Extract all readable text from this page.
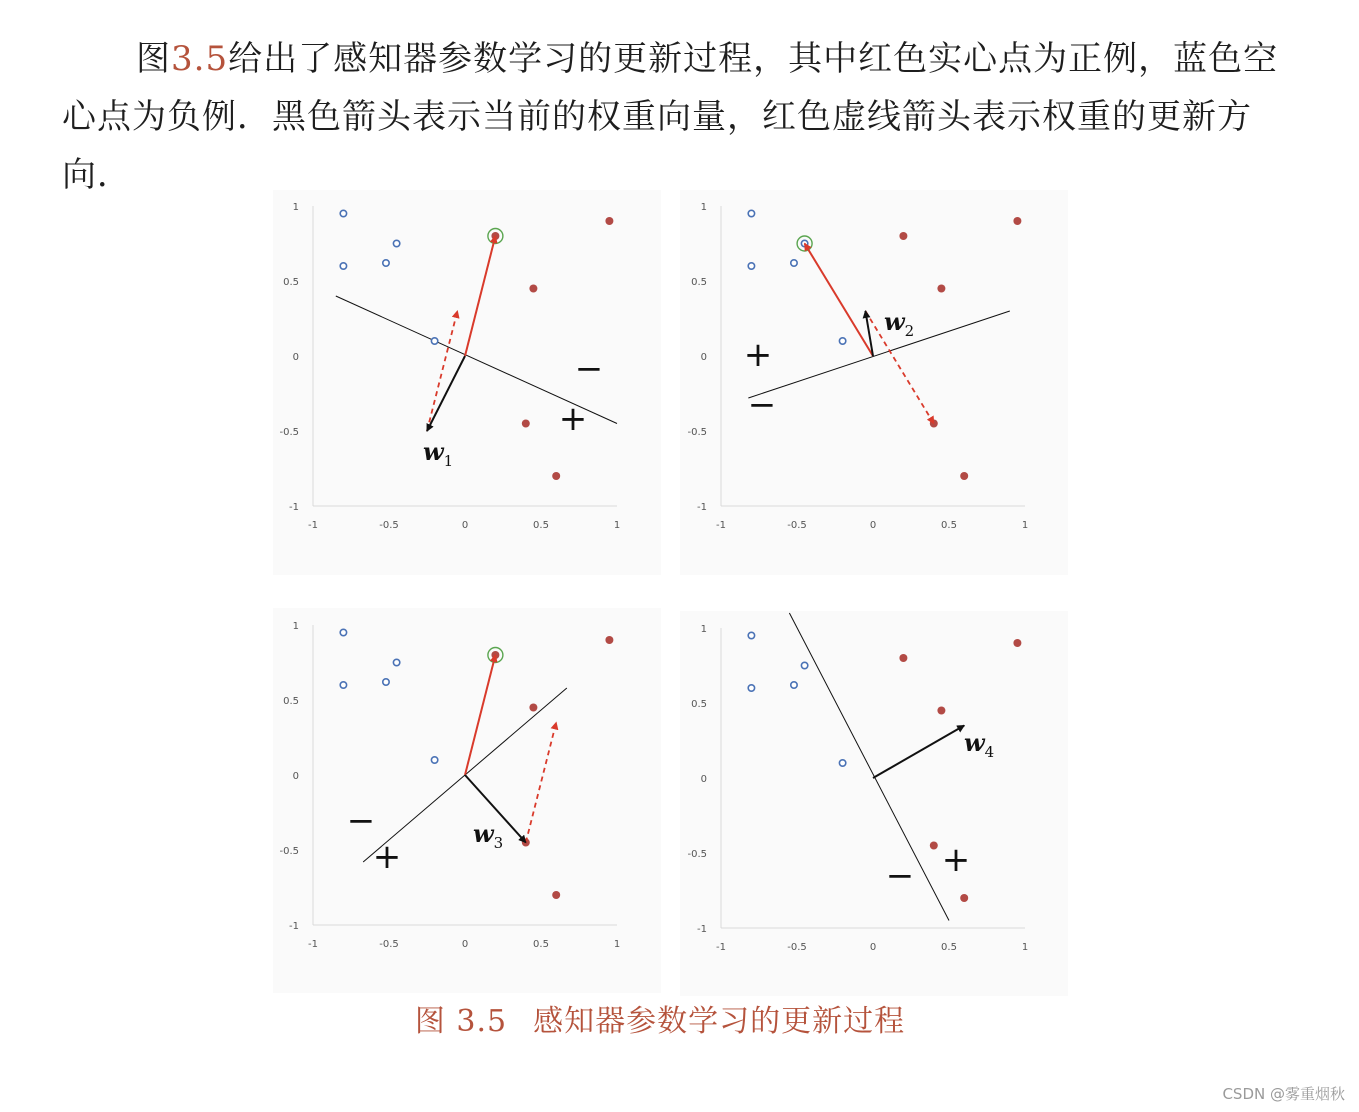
图3.5给出了感知器参数学习的更新过程，其中红色实心点为正例，蓝色空心点为负例．黑色箭头表示当前的权重向量，红色虚线箭头表示权重的更新方向．
1
0.5
0
-0.5
-1
-1	-0.5	0	0.5	1
$w_1$
−
+
1
0.5
0
-0.5
-1
-1	-0.5	0	0.5	1
$w_2$
+
−
1
0.5
0
-0.5
-1
-1	-0.5	0	0.5	1
$w_3$
−
+
1
0.5
0
-0.5
-1
-1	-0.5	0	0.5	1
$w_4$
− +
图 3.5 感知器参数学习的更新过程
CSDN @雾重烟秋
